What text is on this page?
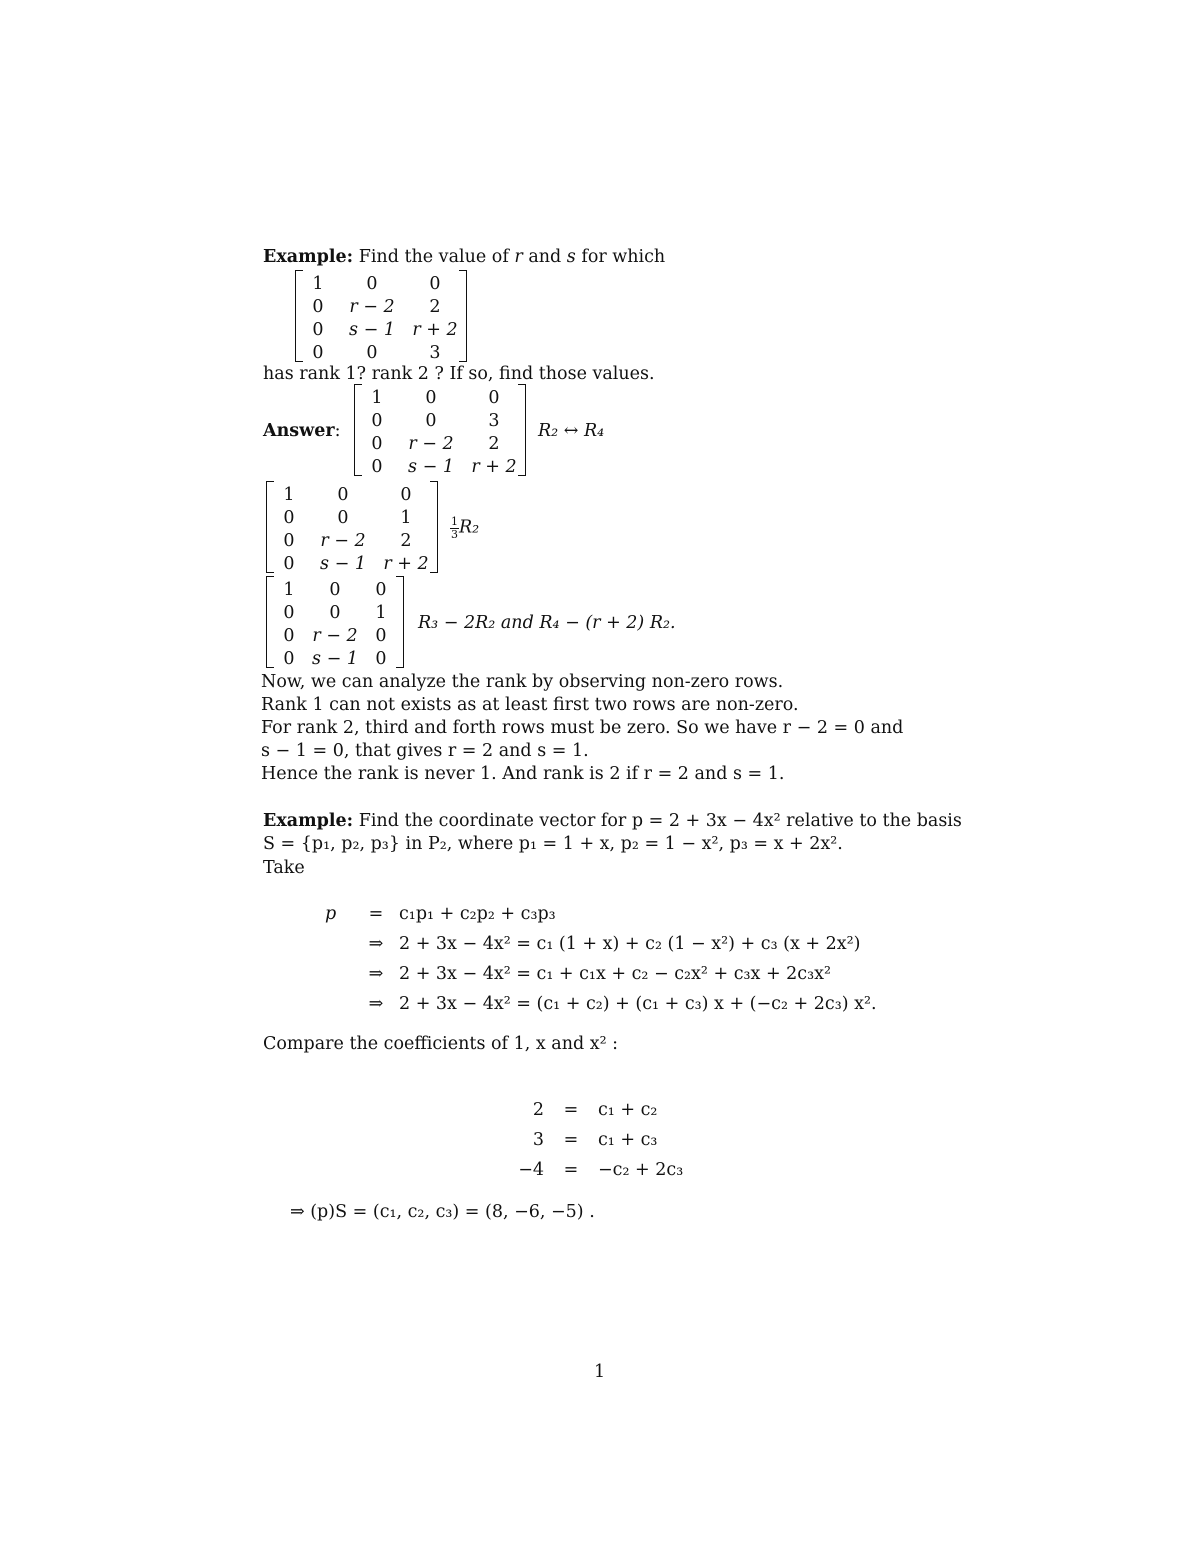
Example: Find the value of r and s for which
1	0	0
0	r − 2	2
0	s − 1	r + 2
0	0	3
has rank 1? rank 2 ? If so, find those values.
Answer:
1	0	0
0	0	3
0	r − 2	2
0	s − 1	r + 2
R₂ ↔ R₄
1	0	0
0	0	1
0	r − 2	2
0	s − 1	r + 2
$\frac{1}{3} R_2$
1	0	0
0	0	1
0	r − 2	0
0	s − 1	0
R₃ − 2R₂ and R₄ − (r + 2) R₂.
Now, we can analyze the rank by observing non-zero rows.
Rank 1 can not exists as at least first two rows are non-zero.
For rank 2, third and forth rows must be zero. So we have r − 2 = 0 and
s − 1 = 0, that gives r = 2 and s = 1.
Hence the rank is never 1. And rank is 2 if r = 2 and s = 1.
Example: Find the coordinate vector for p = 2 + 3x − 4x² relative to the basis
S = {p₁, p₂, p₃} in P₂, where p₁ = 1 + x, p₂ = 1 − x², p₃ = x + 2x².
Take
p	=	c₁p₁ + c₂p₂ + c₃p₃
	⇒	2 + 3x − 4x² = c₁ (1 + x) + c₂ (1 − x²) + c₃ (x + 2x²)
	⇒	2 + 3x − 4x² = c₁ + c₁x + c₂ − c₂x² + c₃x + 2c₃x²
	⇒	2 + 3x − 4x² = (c₁ + c₂) + (c₁ + c₃) x + (−c₂ + 2c₃) x².
Compare the coefficients of 1, x and x² :
2	=	c₁ + c₂
3	=	c₁ + c₃
−4	=	−c₂ + 2c₃
⇒ (p)S = (c₁, c₂, c₃) = (8, −6, −5) .
1
